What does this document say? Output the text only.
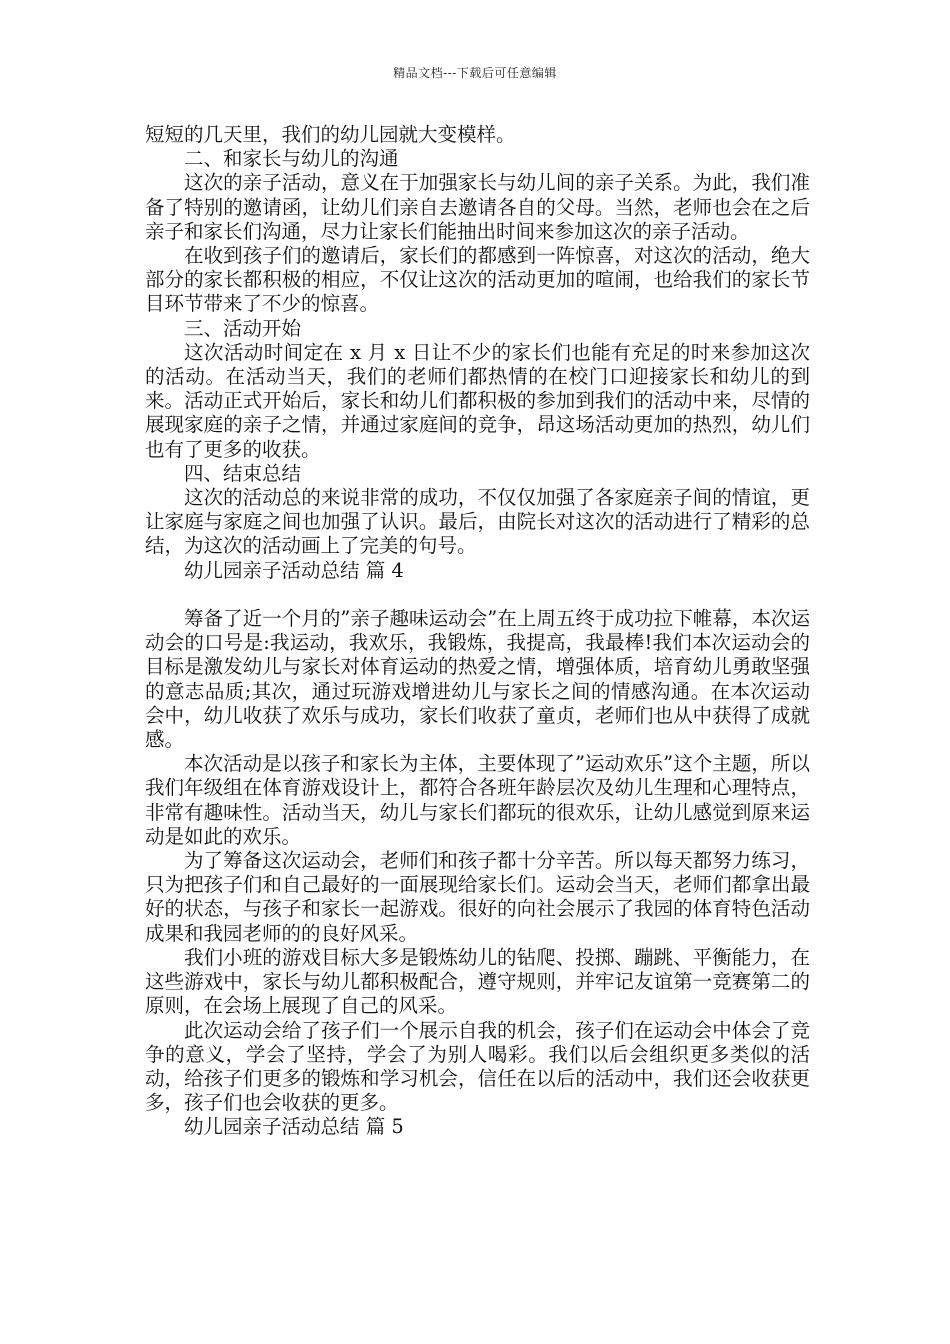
精品文档---下载后可任意编辑

短短的几天里，我们的幼儿园就大变模样。

二、和家长与幼儿的沟通

这次的亲子活动，意义在于加强家长与幼儿间的亲子关系。为此，我们准备了特别的邀请函，让幼儿们亲自去邀请各自的父母。当然，老师也会在之后亲子和家长们沟通，尽力让家长们能抽出时间来参加这次的亲子活动。

在收到孩子们的邀请后，家长们的都感到一阵惊喜，对这次的活动，绝大部分的家长都积极的相应，不仅让这次的活动更加的喧闹，也给我们的家长节目环节带来了不少的惊喜。

三、活动开始

这次活动时间定在 x 月 x 日让不少的家长们也能有充足的时来参加这次的活动。在活动当天，我们的老师们都热情的在校门口迎接家长和幼儿的到来。活动正式开始后，家长和幼儿们都积极的参加到我们的活动中来，尽情的展现家庭的亲子之情，并通过家庭间的竞争，昂这场活动更加的热烈，幼儿们也有了更多的收获。

四、结束总结

这次的活动总的来说非常的成功，不仅仅加强了各家庭亲子间的情谊，更让家庭与家庭之间也加强了认识。最后，由院长对这次的活动进行了精彩的总结，为这次的活动画上了完美的句号。

幼儿园亲子活动总结 篇 4

筹备了近一个月的”亲子趣味运动会”在上周五终于成功拉下帷幕，本次运动会的口号是:我运动，我欢乐，我锻炼，我提高，我最棒!我们本次运动会的目标是激发幼儿与家长对体育运动的热爱之情，增强体质，培育幼儿勇敢坚强的意志品质;其次，通过玩游戏增进幼儿与家长之间的情感沟通。在本次运动会中，幼儿收获了欢乐与成功，家长们收获了童贞，老师们也从中获得了成就感。

本次活动是以孩子和家长为主体，主要体现了”运动欢乐”这个主题，所以我们年级组在体育游戏设计上，都符合各班年龄层次及幼儿生理和心理特点，非常有趣味性。活动当天，幼儿与家长们都玩的很欢乐，让幼儿感觉到原来运动是如此的欢乐。

为了筹备这次运动会，老师们和孩子都十分辛苦。所以每天都努力练习，只为把孩子们和自己最好的一面展现给家长们。运动会当天，老师们都拿出最好的状态，与孩子和家长一起游戏。很好的向社会展示了我园的体育特色活动成果和我园老师的的良好风采。

我们小班的游戏目标大多是锻炼幼儿的钻爬、投掷、蹦跳、平衡能力，在这些游戏中，家长与幼儿都积极配合，遵守规则，并牢记友谊第一竞赛第二的原则，在会场上展现了自己的风采。

此次运动会给了孩子们一个展示自我的机会，孩子们在运动会中体会了竞争的意义，学会了坚持，学会了为别人喝彩。我们以后会组织更多类似的活动，给孩子们更多的锻炼和学习机会，信任在以后的活动中，我们还会收获更多，孩子们也会收获的更多。

幼儿园亲子活动总结 篇 5
